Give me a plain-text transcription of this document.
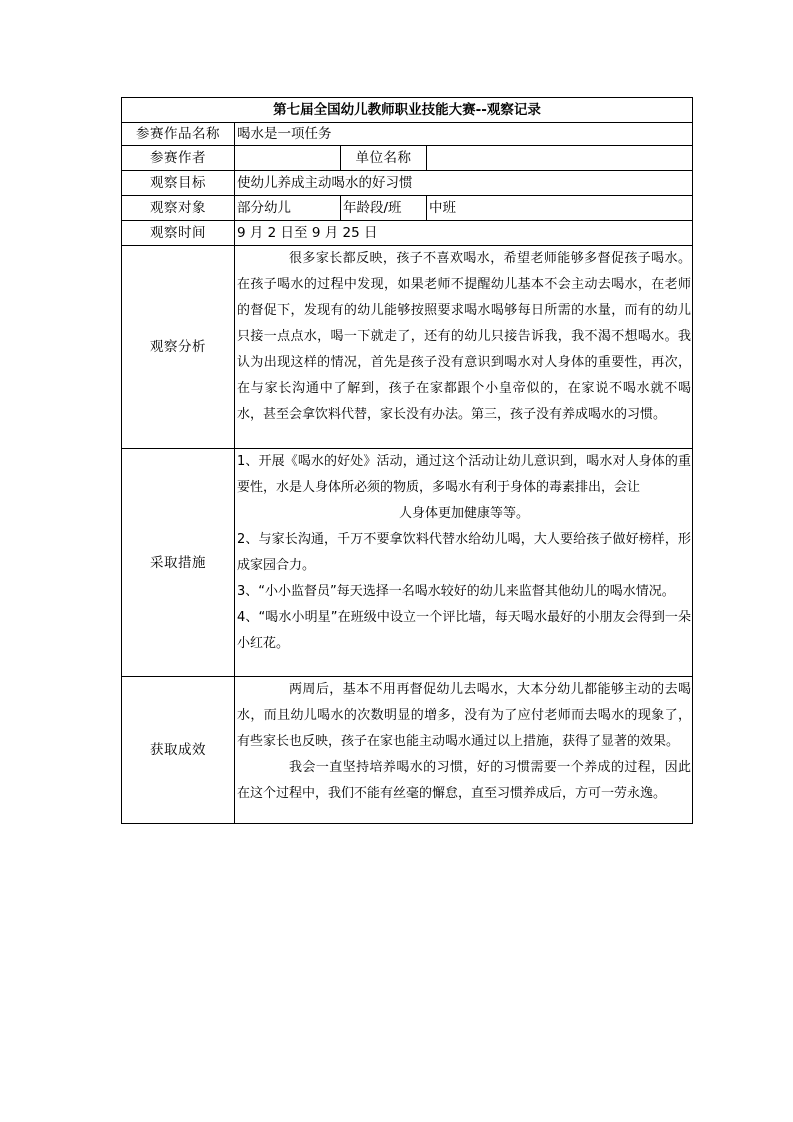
第七届全国幼儿教师职业技能大赛--观察记录			
参赛作品名称	喝水是一项任务		
参赛作者		单位名称	
观察目标	使幼儿养成主动喝水的好习惯		
观察对象	部分幼儿	年龄段/班	中班
观察时间	9 月 2 日至 9 月 25 日		
观察分析	很多家长都反映，孩子不喜欢喝水，希望老师能够多督促孩子喝水。在孩子喝水的过程中发现，如果老师不提醒幼儿基本不会主动去喝水，在老师的督促下，发现有的幼儿能够按照要求喝水喝够每日所需的水量，而有的幼儿只接一点点水，喝一下就走了，还有的幼儿只接告诉我，我不渴不想喝水。我认为出现这样的情况，首先是孩子没有意识到喝水对人身体的重要性，再次，在与家长沟通中了解到，孩子在家都跟个小皇帝似的，在家说不喝水就不喝水，甚至会拿饮料代替，家长没有办法。第三，孩子没有养成喝水的习惯。		

采取措施	1、开展《喝水的好处》活动，通过这个活动让幼儿意识到，喝水对人身体的重要性，水是人身体所必须的物质，多喝水有利于身体的毒素排出，会让

人身体更加健康等等。

2、与家长沟通，千万不要拿饮料代替水给幼儿喝，大人要给孩子做好榜样，形成家园合力。

3、“小小监督员”每天选择一名喝水较好的幼儿来监督其他幼儿的喝水情况。

4、“喝水小明星”在班级中设立一个评比墙，每天喝水最好的小朋友会得到一朵小红花。		

获取成效	两周后，基本不用再督促幼儿去喝水，大本分幼儿都能够主动的去喝水，而且幼儿喝水的次数明显的增多，没有为了应付老师而去喝水的现象了，有些家长也反映，孩子在家也能主动喝水通过以上措施，获得了显著的效果。

我会一直坚持培养喝水的习惯，好的习惯需要一个养成的过程，因此在这个过程中，我们不能有丝毫的懈怠，直至习惯养成后，方可一劳永逸。		
